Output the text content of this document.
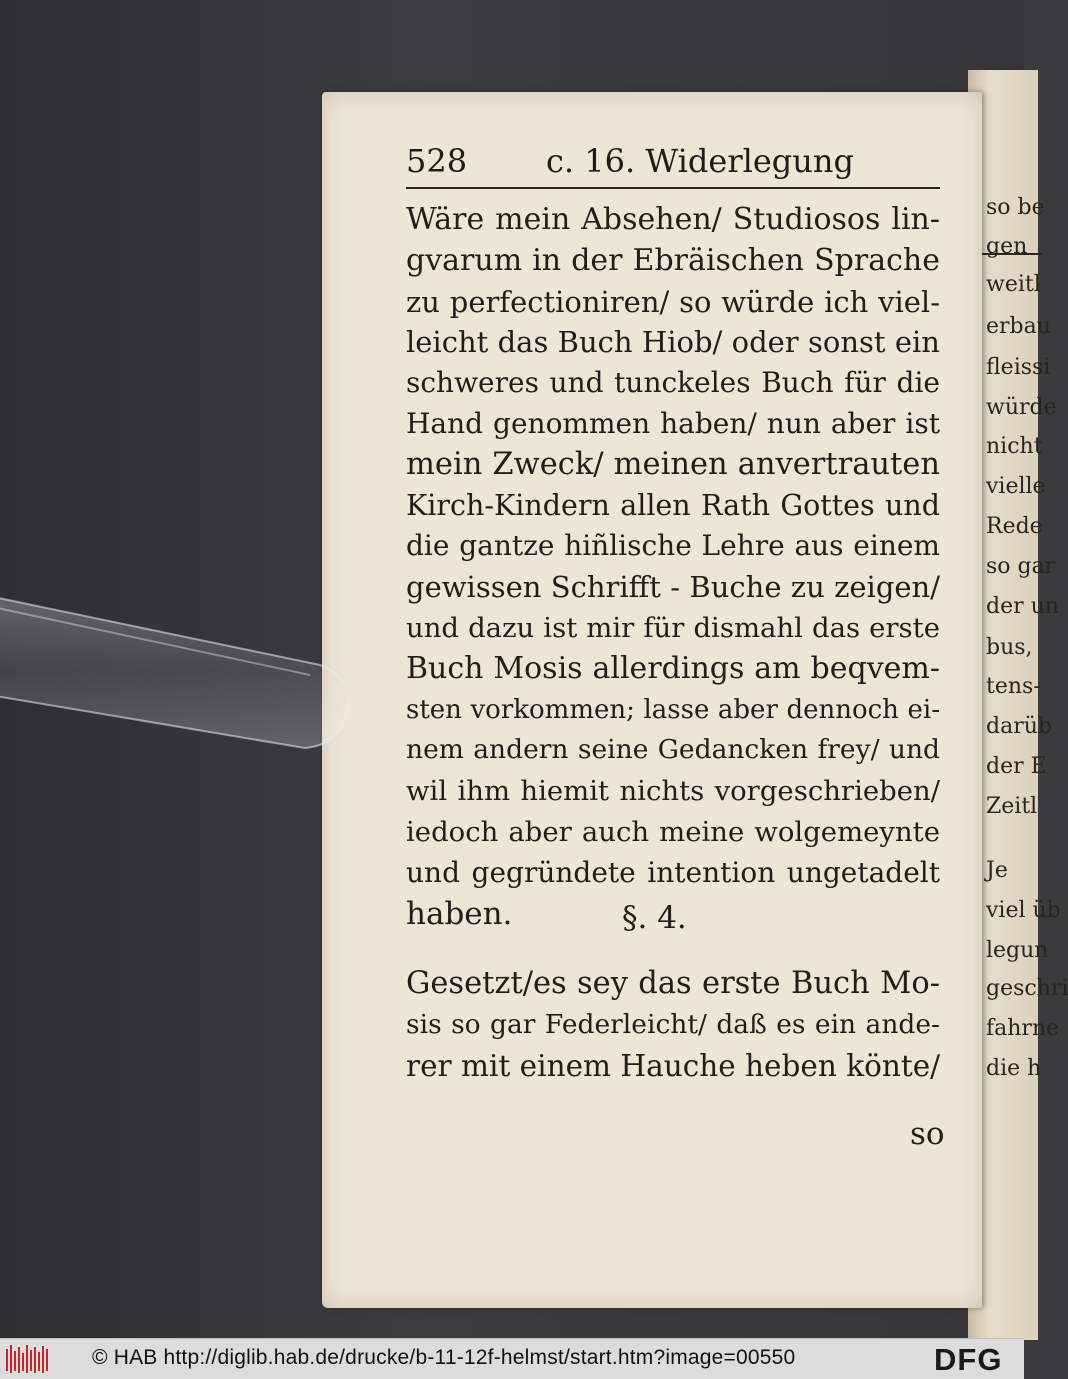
so be
gen
weitl
erbau
fleissi
würde
nicht
vielle
Rede
so gar
der un
bus,
tens-
darüb
der E
Zeitl
Je
viel üb
legun
geschri
fahrne
die h
528 c. 16. Widerlegung
Wäre mein Absehen/ Studiosos lin-
gvarum in der Ebräischen Sprache
zu perfectioniren/ so würde ich viel-
leicht das Buch Hiob/ oder sonst ein
schweres und tunckeles Buch für die
Hand genommen haben/ nun aber ist
mein Zweck/ meinen anvertrauten
Kirch-Kindern allen Rath Gottes und
die gantze hiñlische Lehre aus einem
gewissen Schrifft - Buche zu zeigen/
und dazu ist mir für dismahl das erste
Buch Mosis allerdings am beqvem-
sten vorkommen; lasse aber dennoch ei-
nem andern seine Gedancken frey/ und
wil ihm hiemit nichts vorgeschrieben/
iedoch aber auch meine wolgemeynte
und gegründete intention ungetadelt
haben.	§. 4.
Gesetzt/es sey das erste Buch Mo-
sis so gar Federleicht/ daß es ein ande-
rer mit einem Hauche heben könte/
so
© HAB http://diglib.hab.de/drucke/b-11-12f-helmst/start.htm?image=00550	DFG
